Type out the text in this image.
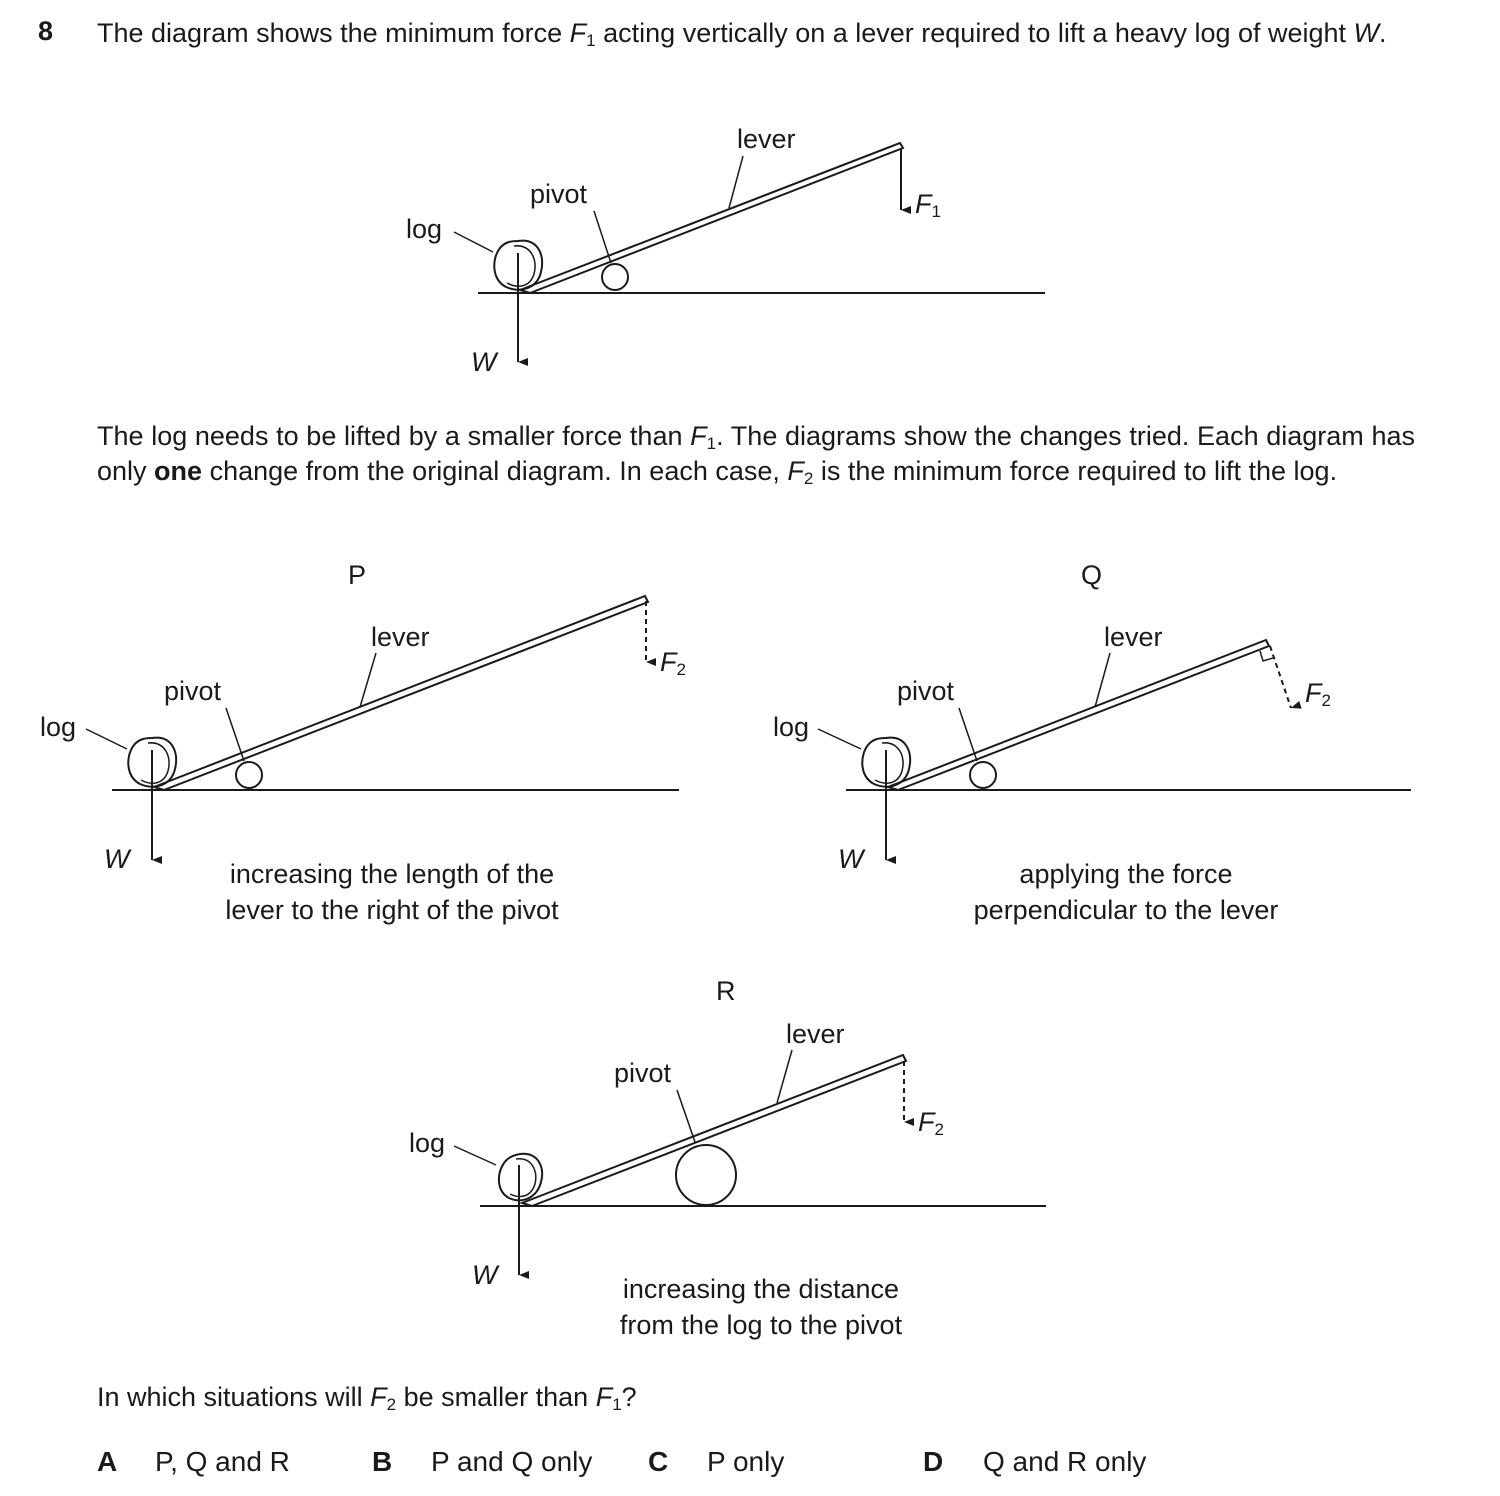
8 The diagram shows the minimum force $F_1$ acting vertically on a lever required to lift a heavy log of weight W.

lever
pivot
log
W
$F_1$

The log needs to be lifted by a smaller force than $F_1$. The diagrams show the changes tried. Each diagram has only one change from the original diagram. In each case, $F_2$ is the minimum force required to lift the log.

P
lever
pivot
log
W
$F_2$
increasing the length of the
lever to the right of the pivot
Q
lever
pivot
log
W
$F_2$
applying the force
perpendicular to the lever
R
lever
pivot
log
W
$F_2$
increasing the distance
from the log to the pivot

In which situations will $F_2$ be smaller than $F_1$?

A P, Q and R	B P and Q only C P only	D Q and R only
